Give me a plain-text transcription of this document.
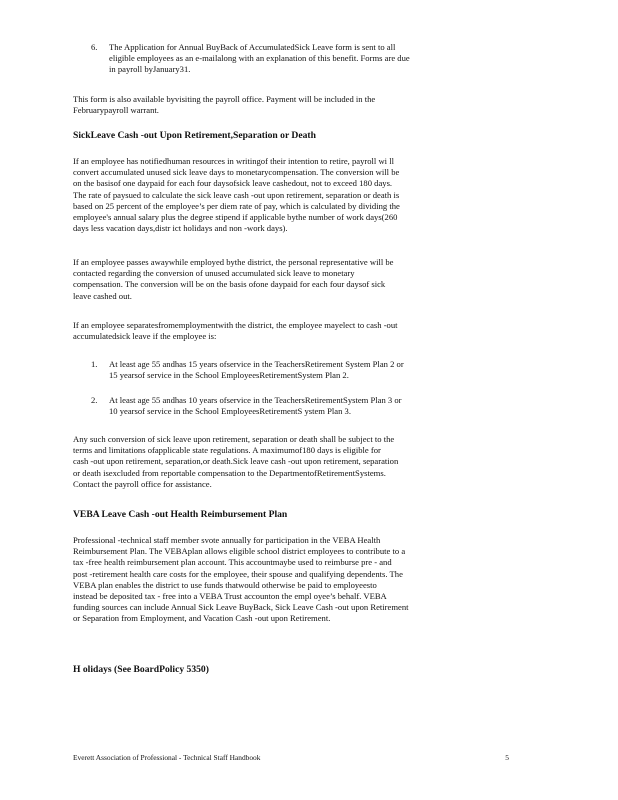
6. The Application for Annual BuyBack of AccumulatedSick Leave form is sent to all
eligible employees as an e-mailalong with an explanation of this benefit. Forms are due
in payroll byJanuary31.
This form is also available byvisiting the payroll office. Payment will be included in the
Februarypayroll warrant.
SickLeave Cash -out Upon Retirement,Separation or Death
If an employee has notifiedhuman resources in writingof their intention to retire, payroll wi ll
convert accumulated unused sick leave days to monetarycompensation. The conversion will be
on the basisof one daypaid for each four daysofsick leave cashedout, not to exceed 180 days.
The rate of paysued to calculate the sick leave cash -out upon retirement, separation or death is
based on 25 percent of the employee’s per diem rate of pay, which is calculated by dividing the
employee's annual salary plus the degree stipend if applicable bythe number of work days(260
days less vacation days,distr ict holidays and non -work days).
If an employee passes awaywhile employed bythe district, the personal representative will be
contacted regarding the conversion of unused accumulated sick leave to monetary
compensation. The conversion will be on the basis ofone daypaid for each four daysof sick
leave cashed out.
If an employee separatesfromemploymentwith the district, the employee mayelect to cash -out
accumulatedsick leave if the employee is:
1. At least age 55 andhas 15 years ofservice in the TeachersRetirement System Plan 2 or
15 yearsof service in the School EmployeesRetirementSystem Plan 2.
2. At least age 55 andhas 10 years ofservice in the TeachersRetirementSystem Plan 3 or
10 yearsof service in the School EmployeesRetirementS ystem Plan 3.
Any such conversion of sick leave upon retirement, separation or death shall be subject to the
terms and limitations ofapplicable state regulations. A maximumof180 days is eligible for
cash -out upon retirement, separation,or death.Sick leave cash -out upon retirement, separation
or death isexcluded from reportable compensation to the DepartmentofRetirementSystems.
Contact the payroll office for assistance.
VEBA Leave Cash -out Health Reimbursement Plan
Professional -technical staff member svote annually for participation in the VEBA Health
Reimbursement Plan. The VEBAplan allows eligible school district employees to contribute to a
tax -free health reimbursement plan account. This accountmaybe used to reimburse pre - and
post -retirement health care costs for the employee, their spouse and qualifying dependents. The
VEBA plan enables the district to use funds thatwould otherwise be paid to employeesto
instead be deposited tax - free into a VEBA Trust accounton the empl oyee’s behalf. VEBA
funding sources can include Annual Sick Leave BuyBack, Sick Leave Cash -out upon Retirement
or Separation from Employment, and Vacation Cash -out upon Retirement.
H olidays (See BoardPolicy 5350)
Everett Association of Professional - Technical Staff Handbook	5
